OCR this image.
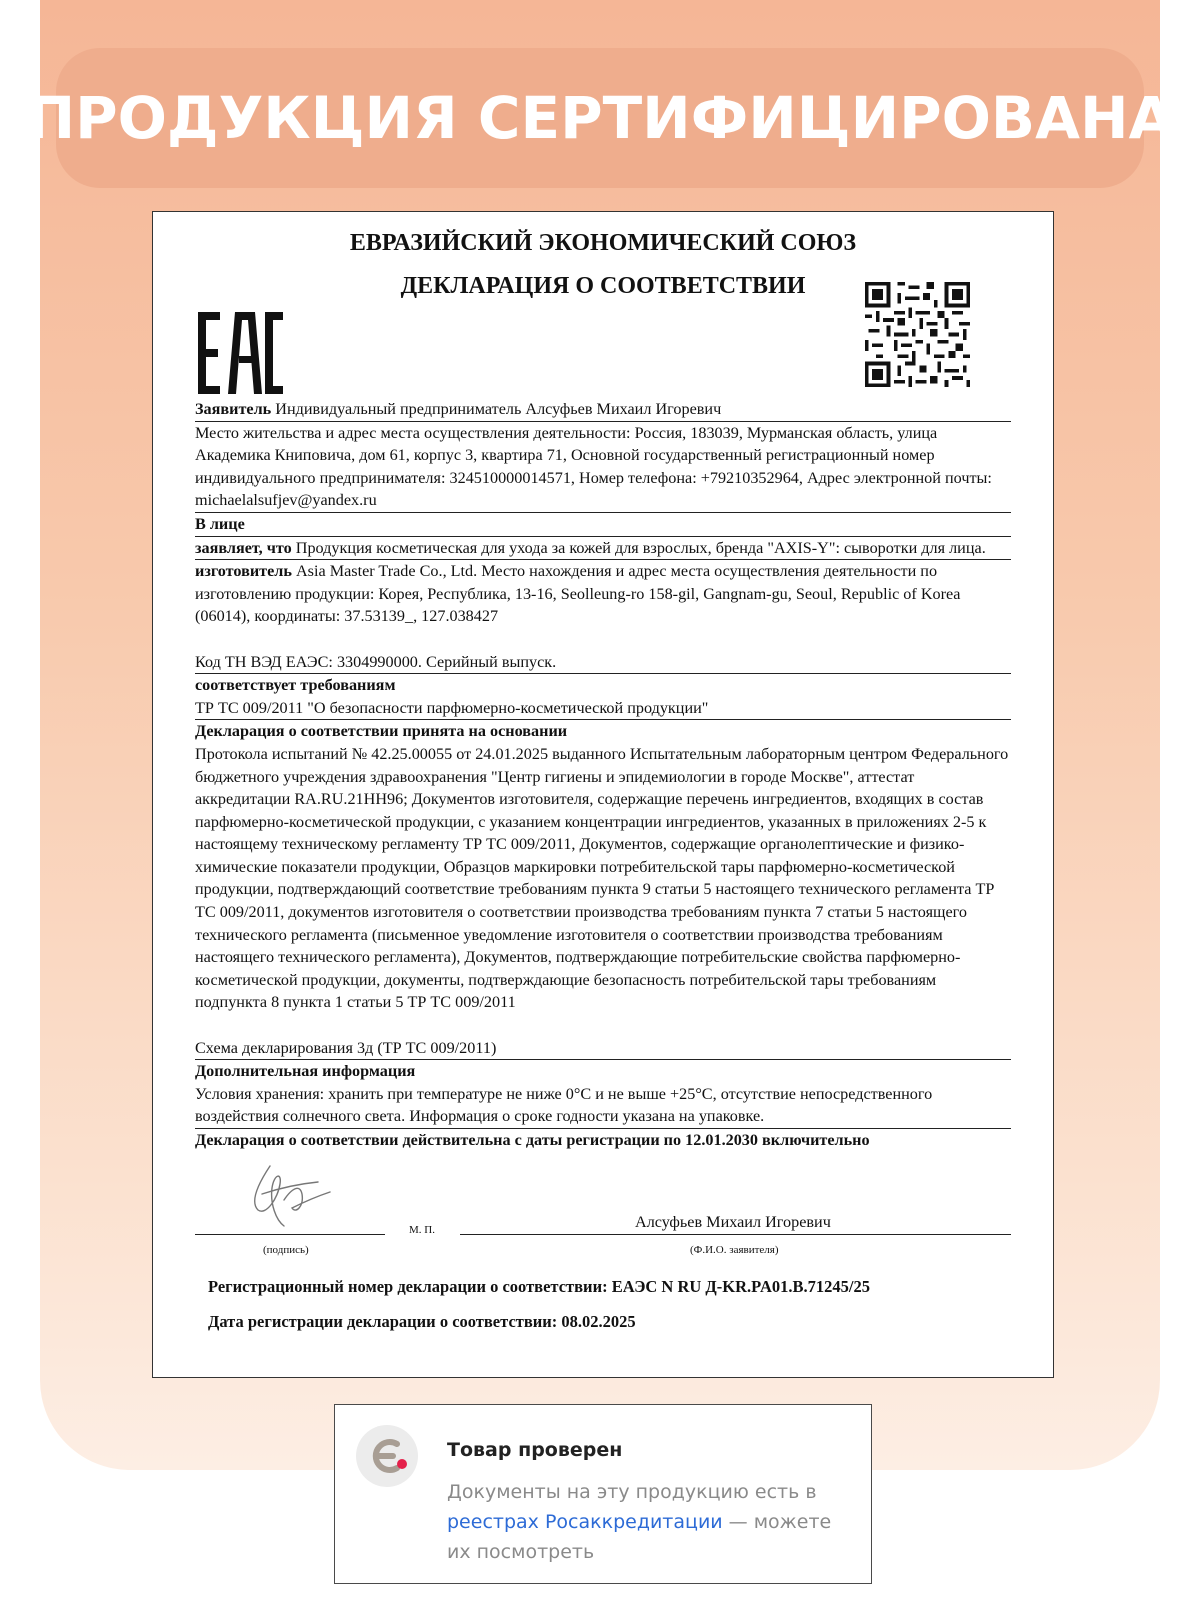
ПРОДУКЦИЯ СЕРТИФИЦИРОВАНА
ЕВРАЗИЙСКИЙ ЭКОНОМИЧЕСКИЙ СОЮЗ
ДЕКЛАРАЦИЯ О СООТВЕТСТВИИ
Заявитель Индивидуальный предприниматель Алсуфьев Михаил Игоревич
Место жительства и адрес места осуществления деятельности: Россия, 183039, Мурманская область, улица Академика Книповича, дом 61, корпус 3, квартира 71, Основной государственный регистрационный номер индивидуального предпринимателя: 324510000014571, Номер телефона: +79210352964, Адрес электронной почты: michaelalsufjev@yandex.ru
В лице
заявляет, что Продукция косметическая для ухода за кожей для взрослых, бренда "AXIS-Y": сыворотки для лица.
изготовитель Asia Master Trade Co., Ltd. Место нахождения и адрес места осуществления деятельности по изготовлению продукции: Корея, Республика, 13-16, Seolleung-ro 158-gil, Gangnam-gu, Seoul, Republic of Korea (06014), координаты: 37.53139_, 127.038427
Код ТН ВЭД ЕАЭС: 3304990000. Серийный выпуск.
соответствует требованиям
ТР ТС 009/2011 "О безопасности парфюмерно-косметической продукции"
Декларация о соответствии принята на основании
Протокола испытаний № 42.25.00055 от 24.01.2025 выданного Испытательным лабораторным центром Федерального бюджетного учреждения здравоохранения "Центр гигиены и эпидемиологии в городе Москве", аттестат аккредитации RA.RU.21НН96; Документов изготовителя, содержащие перечень ингредиентов, входящих в состав парфюмерно-косметической продукции, с указанием концентрации ингредиентов, указанных в приложениях 2-5 к настоящему техническому регламенту ТР ТС 009/2011, Документов, содержащие органолептические и физико-химические показатели продукции, Образцов маркировки потребительской тары парфюмерно-косметической продукции, подтверждающий соответствие требованиям пункта 9 статьи 5 настоящего технического регламента ТР ТС 009/2011, документов изготовителя о соответствии производства требованиям пункта 7 статьи 5 настоящего технического регламента (письменное уведомление изготовителя о соответствии производства требованиям настоящего технического регламента), Документов, подтверждающие потребительские свойства парфюмерно-косметической продукции, документы, подтверждающие безопасность потребительской тары требованиям подпункта 8 пункта 1 статьи 5 ТР ТС 009/2011
Схема декларирования 3д (ТР ТС 009/2011)
Дополнительная информация
Условия хранения: хранить при температуре не ниже 0°С и не выше +25°С, отсутствие непосредственного воздействия солнечного света. Информация о сроке годности указана на упаковке.
Декларация о соответствии действительна с даты регистрации по 12.01.2030 включительно
(подпись)
М. П.	Алсуфьев Михаил Игоревич
(Ф.И.О. заявителя)
Регистрационный номер декларации о соответствии: ЕАЭС N RU Д-KR.PA01.B.71245/25
Дата регистрации декларации о соответствии: 08.02.2025
Товар проверен
Документы на эту продукцию есть в реестрах Росаккредитации — можете их посмотреть
